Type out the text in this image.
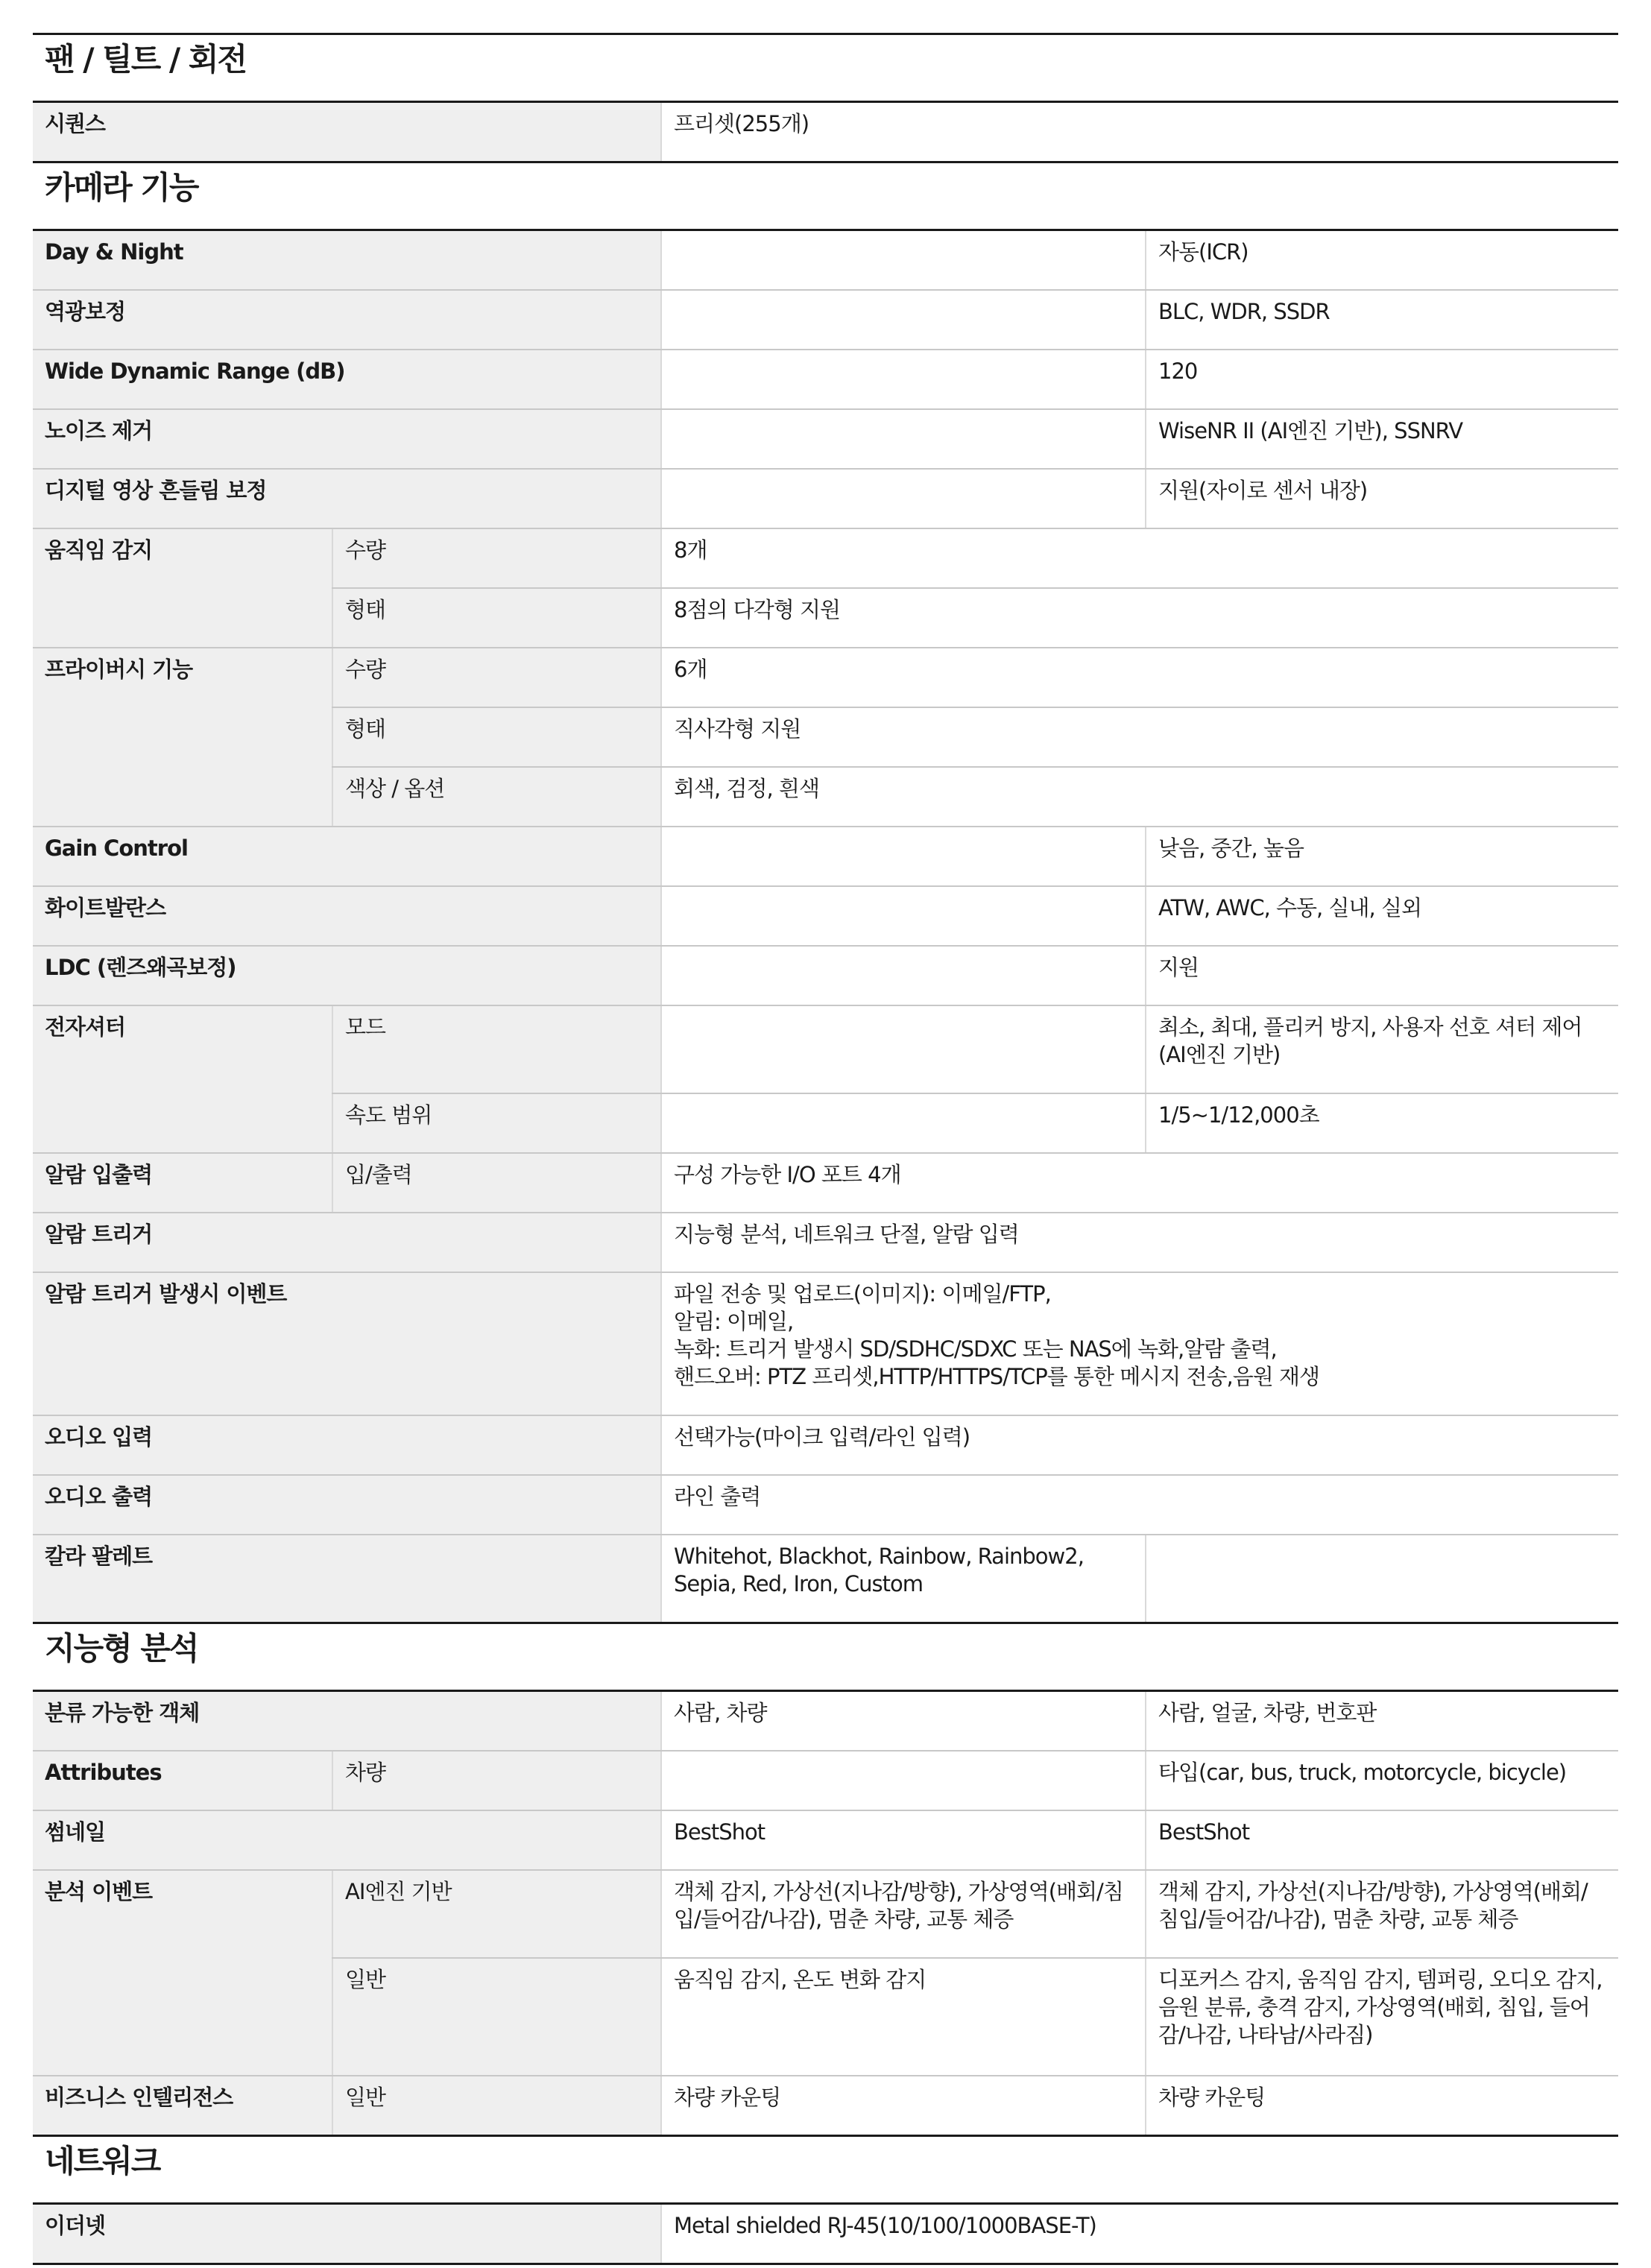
팬 / 틸트 / 회전			
시퀀스		프리셋(255개)	
카메라 기능			
Day & Night			자동(ICR)
역광보정			BLC, WDR, SSDR
Wide Dynamic Range (dB)			120
노이즈 제거			WiseNR II (AI엔진 기반), SSNRV
디지털 영상 흔들림 보정			지원(자이로 센서 내장)
움직임 감지	수량	8개	
	형태	8점의 다각형 지원	
프라이버시 기능	수량	6개	
	형태	직사각형 지원	
	색상 / 옵션	회색, 검정, 흰색	
Gain Control			낮음, 중간, 높음
화이트발란스			ATW, AWC, 수동, 실내, 실외
LDC (렌즈왜곡보정)			지원
전자셔터	모드		최소, 최대, 플리커 방지, 사용자 선호 셔터 제어 (AI엔진 기반)
	속도 범위		1/5~1/12,000초
알람 입출력	입/출력	구성 가능한 I/O 포트 4개	
알람 트리거		지능형 분석, 네트워크 단절, 알람 입력	
알람 트리거 발생시 이벤트		파일 전송 및 업로드(이미지): 이메일/FTP,
알림: 이메일,
녹화: 트리거 발생시 SD/SDHC/SDXC 또는 NAS에 녹화,알람 출력,
핸드오버: PTZ 프리셋,HTTP/HTTPS/TCP를 통한 메시지 전송,음원 재생	
오디오 입력		선택가능(마이크 입력/라인 입력)	
오디오 출력		라인 출력	
칼라 팔레트		Whitehot, Blackhot, Rainbow, Rainbow2, Sepia, Red, Iron, Custom	
지능형 분석			
분류 가능한 객체		사람, 차량	사람, 얼굴, 차량, 번호판
Attributes	차량		타입(car, bus, truck, motorcycle, bicycle)
썸네일		BestShot	BestShot
분석 이벤트	AI엔진 기반	객체 감지, 가상선(지나감/방향), 가상영역(배회/침입/들어감/나감), 멈춘 차량, 교통 체증	객체 감지, 가상선(지나감/방향), 가상영역(배회/침입/들어감/나감), 멈춘 차량, 교통 체증
	일반	움직임 감지, 온도 변화 감지	디포커스 감지, 움직임 감지, 템퍼링, 오디오 감지, 음원 분류, 충격 감지, 가상영역(배회, 침입, 들어감/나감, 나타남/사라짐)
비즈니스 인텔리전스	일반	차량 카운팅	차량 카운팅
네트워크			
이더넷		Metal shielded RJ-45(10/100/1000BASE-T)	
